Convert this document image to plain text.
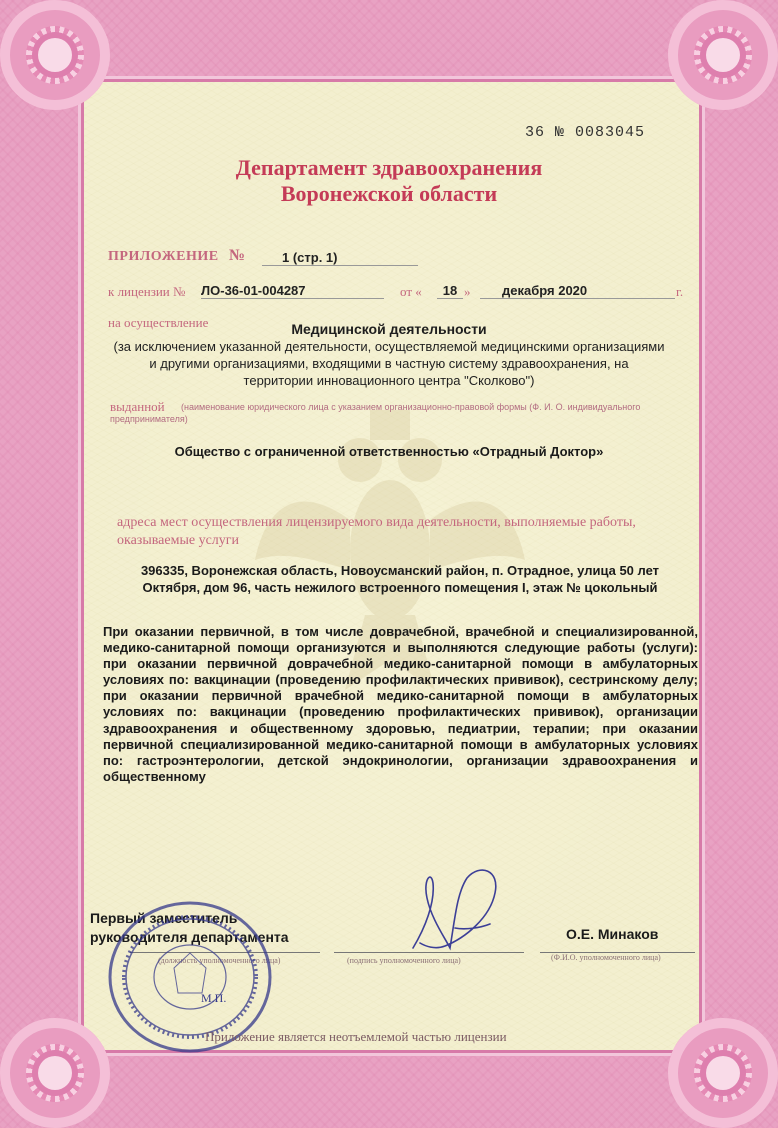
36 № 0083045
Департамент здравоохранения
Воронежской области
ПРИЛОЖЕНИЕ №	1 (стр. 1)
к лицензии № ЛО-36-01-004287	от «	18 »	декабря 2020	г.
на осуществление	Медицинской деятельности
(за исключением указанной деятельности, осуществляемой медицинскими организациями
и другими организациями, входящими в частную систему здравоохранения, на
территории инновационного центра "Сколково")
выданной (наименование юридического лица с указанием организационно-правовой формы (Ф. И. О. индивидуального
предпринимателя)
Общество с ограниченной ответственностью «Отрадный Доктор»
адреса мест осуществления лицензируемого вида деятельности, выполняемые работы,
оказываемые услуги
396335, Воронежская область, Новоусманский район, п. Отрадное, улица 50 лет
Октября, дом 96, часть нежилого встроенного помещения I, этаж № цокольный
При оказании первичной, в том числе доврачебной, врачебной и специализированной, медико-санитарной помощи организуются и выполняются следующие работы (услуги): при оказании первичной доврачебной медико-санитарной помощи в амбулаторных условиях по: вакцинации (проведению профилактических прививок), сестринскому делу; при оказании первичной врачебной медико-санитарной помощи в амбулаторных условиях по: вакцинации (проведению профилактических прививок), организации здравоохранения и общественному здоровью, педиатрии, терапии; при оказании первичной специализированной медико-санитарной помощи в амбулаторных условиях по: гастроэнтерологии, детской эндокринологии, организации здравоохранения и общественному
Первый заместитель
руководителя департамента	О.Е. Минаков
(должность уполномоченного лица)	(подпись уполномоченного лица)	(Ф.И.О. уполномоченного лица)
М.П.
Приложение является неотъемлемой частью лицензии
